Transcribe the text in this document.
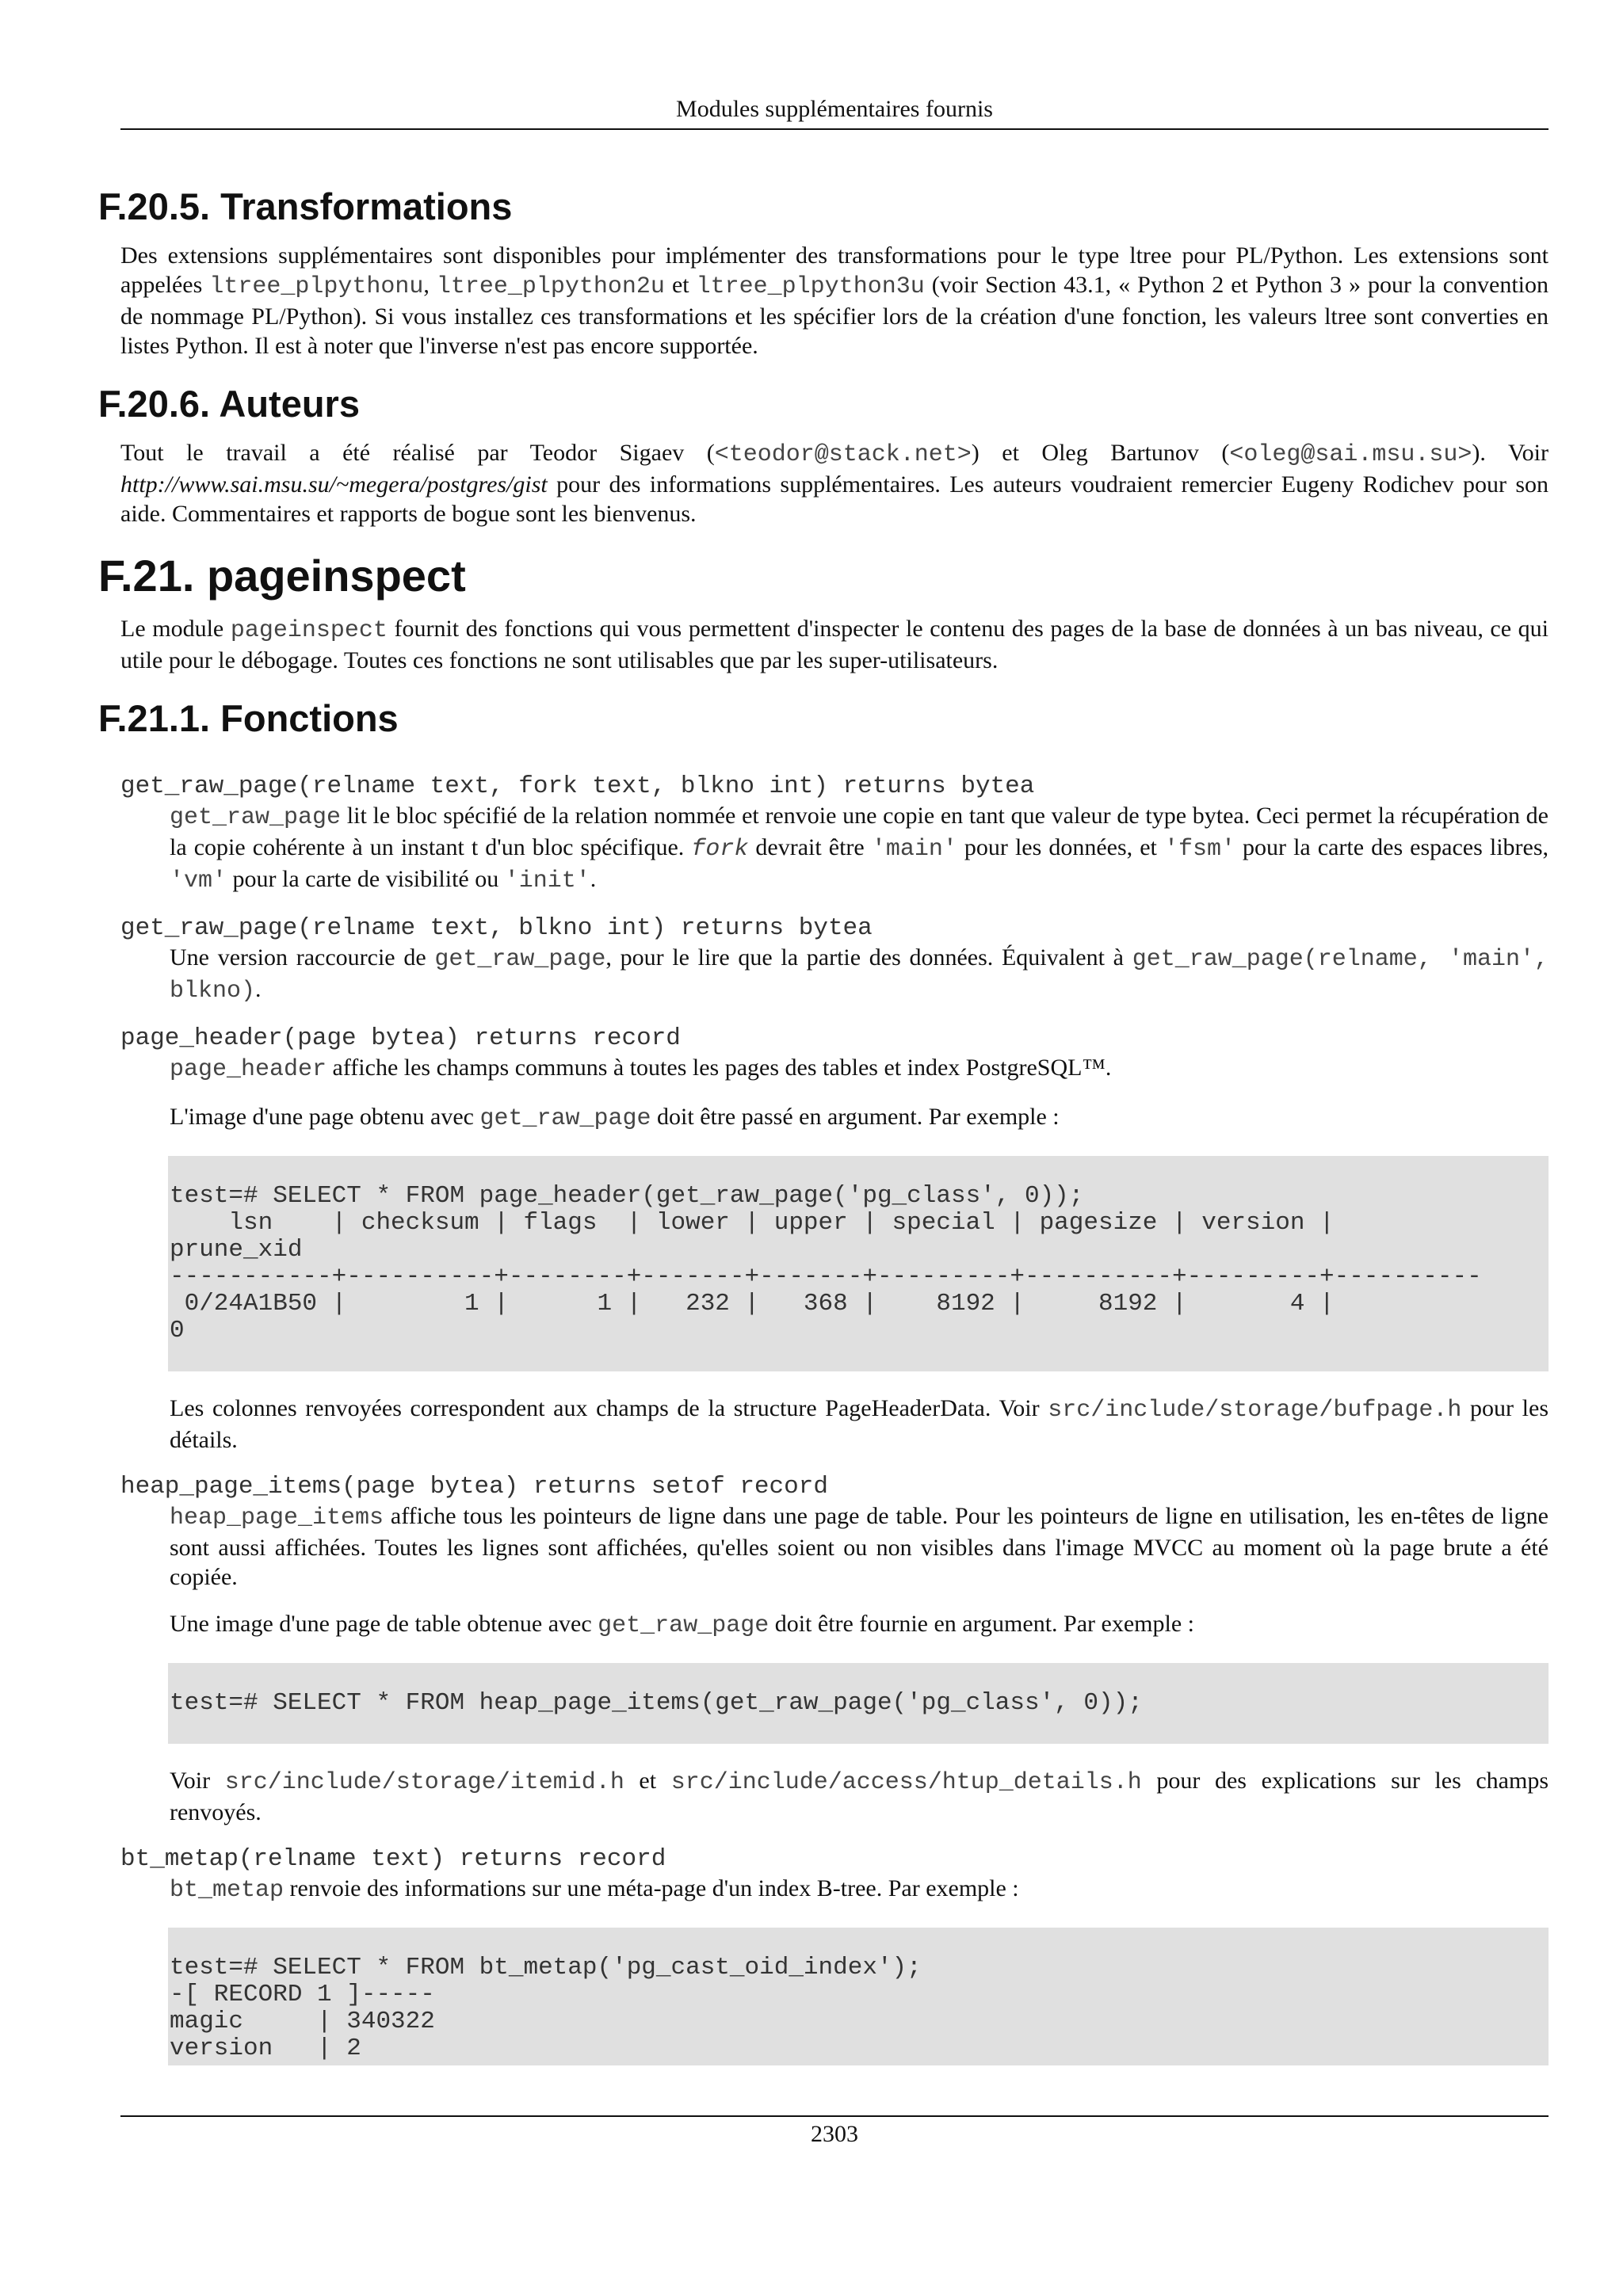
Modules supplémentaires fournis
F.20.5. Transformations

Des extensions supplémentaires sont disponibles pour implémenter des transformations pour le type ltree pour PL/Python. Les extensions sont appelées ltree_plpythonu, ltree_plpython2u et ltree_plpython3u (voir Section 43.1, « Python 2 et Python 3 » pour la convention de nommage PL/Python). Si vous installez ces transformations et les spécifier lors de la création d'une fonction, les valeurs ltree sont converties en listes Python. Il est à noter que l'inverse n'est pas encore supportée.

F.20.6. Auteurs

Tout le travail a été réalisé par Teodor Sigaev (<teodor@stack.net>) et Oleg Bartunov (<oleg@sai.msu.su>). Voir http://www.sai.msu.su/~megera/postgres/gist pour des informations supplémentaires. Les auteurs voudraient remercier Eugeny Rodichev pour son aide. Commentaires et rapports de bogue sont les bienvenus.

F.21. pageinspect

Le module pageinspect fournit des fonctions qui vous permettent d'inspecter le contenu des pages de la base de données à un bas niveau, ce qui utile pour le débogage. Toutes ces fonctions ne sont utilisables que par les super-utilisateurs.

F.21.1. Fonctions
get_raw_page(relname text, fork text, blkno int) returns bytea

get_raw_page lit le bloc spécifié de la relation nommée et renvoie une copie en tant que valeur de type bytea. Ceci permet la récupération de la copie cohérente à un instant t d'un bloc spécifique. fork devrait être 'main' pour les données, et 'fsm' pour la carte des espaces libres, 'vm' pour la carte de visibilité ou 'init'.

get_raw_page(relname text, blkno int) returns bytea

Une version raccourcie de get_raw_page, pour le lire que la partie des données. Équivalent à get_raw_page(relname, 'main', blkno).

page_header(page bytea) returns record

page_header affiche les champs communs à toutes les pages des tables et index PostgreSQL™.

L'image d'une page obtenu avec get_raw_page doit être passé en argument. Par exemple :

test=# SELECT * FROM page_header(get_raw_page('pg_class', 0));
lsn    | checksum | flags  | lower | upper | special | pagesize | version |
prune_xid
-----------+----------+--------+-------+-------+---------+----------+---------+----------
0/24A1B50 |        1 |      1 |   232 |   368 |    8192 |     8192 |       4 |
0

Les colonnes renvoyées correspondent aux champs de la structure PageHeaderData. Voir src/include/storage/bufpage.h pour les détails.

heap_page_items(page bytea) returns setof record

heap_page_items affiche tous les pointeurs de ligne dans une page de table. Pour les pointeurs de ligne en utilisation, les en-têtes de ligne sont aussi affichées. Toutes les lignes sont affichées, qu'elles soient ou non visibles dans l'image MVCC au moment où la page brute a été copiée.

Une image d'une page de table obtenue avec get_raw_page doit être fournie en argument. Par exemple :

test=# SELECT * FROM heap_page_items(get_raw_page('pg_class', 0));

Voir src/include/storage/itemid.h et src/include/access/htup_details.h pour des explications sur les champs renvoyés.

bt_metap(relname text) returns record

bt_metap renvoie des informations sur une méta-page d'un index B-tree. Par exemple :

test=# SELECT * FROM bt_metap('pg_cast_oid_index');
-[ RECORD 1 ]-----
magic     | 340322
version   | 2
2303
